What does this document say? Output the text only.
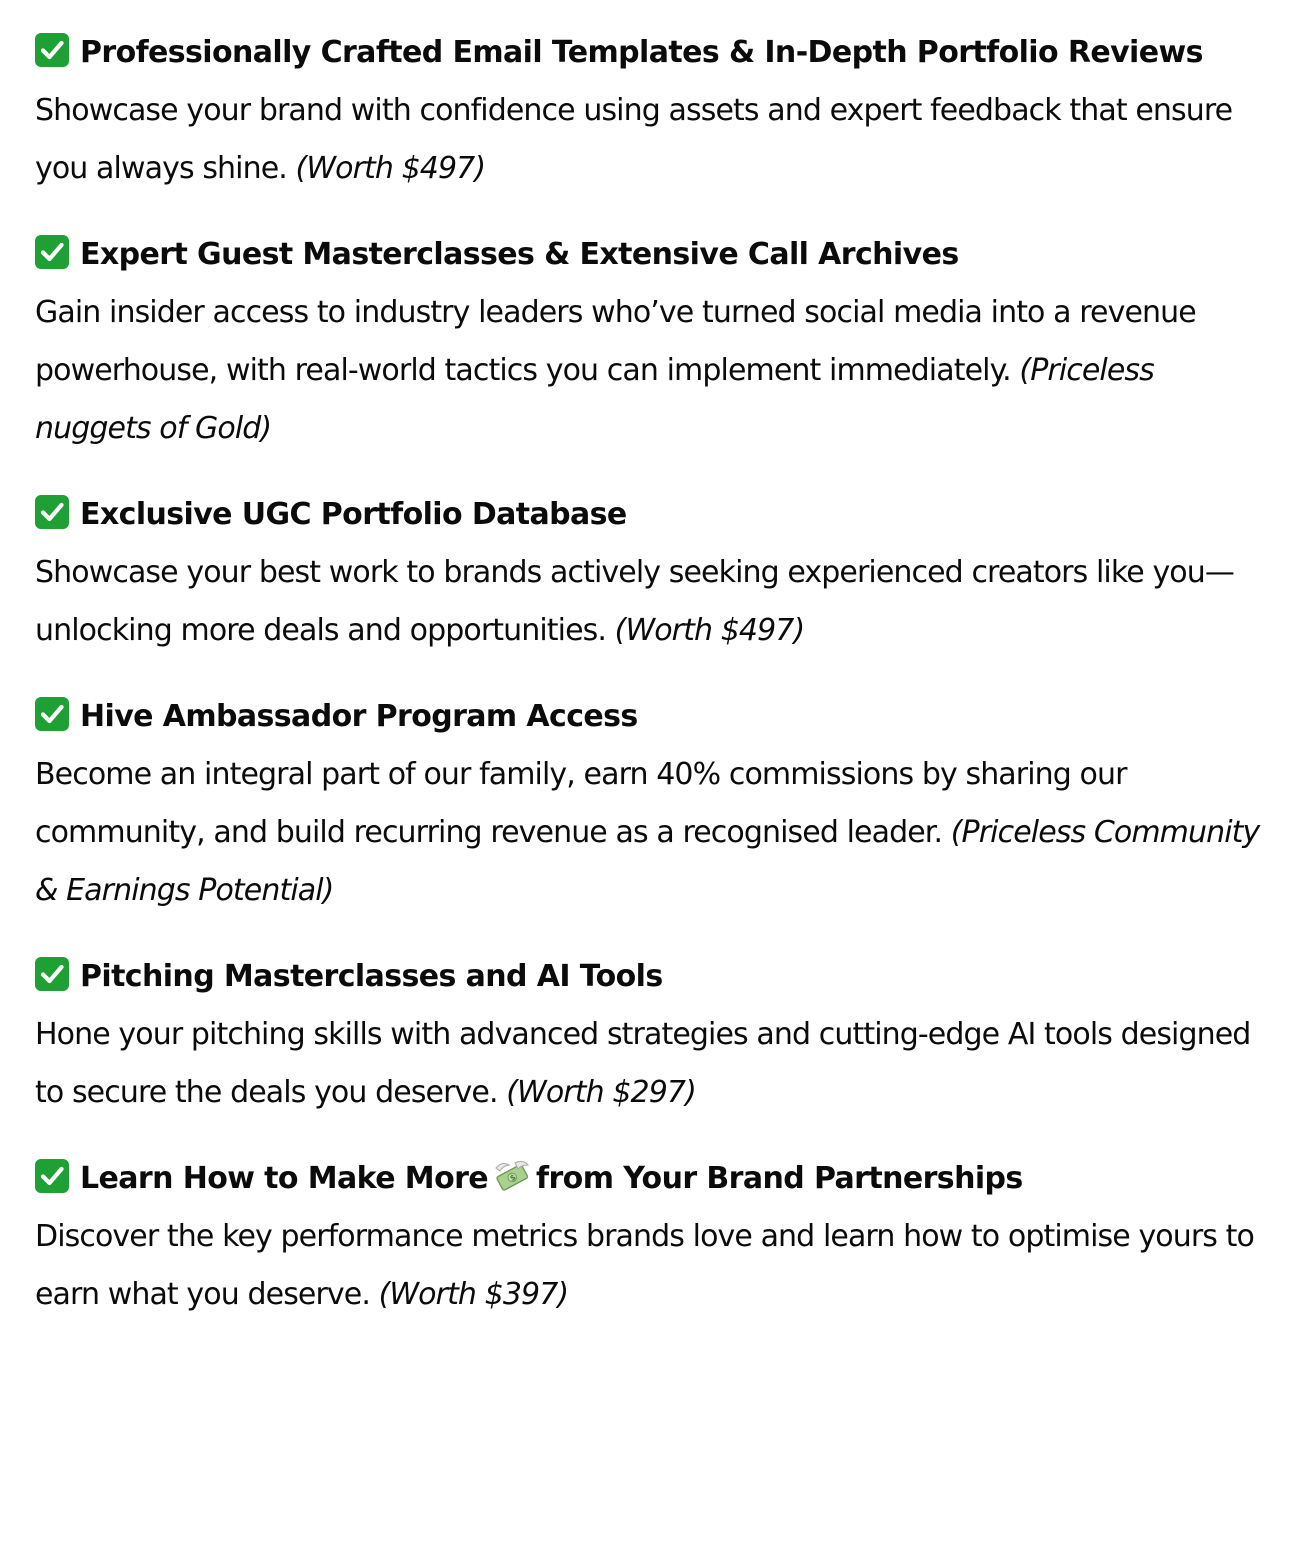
Professionally Crafted Email Templates & In-Depth Portfolio Reviews

Showcase your brand with confidence using assets and expert feedback that ensure you always shine. (Worth $497)

Expert Guest Masterclasses & Extensive Call Archives

Gain insider access to industry leaders who’ve turned social media into a revenue powerhouse, with real-world tactics you can implement immediately. (Priceless nuggets of Gold)

Exclusive UGC Portfolio Database

Showcase your best work to brands actively seeking experienced creators like you—unlocking more deals and opportunities. (Worth $497)

Hive Ambassador Program Access

Become an integral part of our family, earn 40% commissions by sharing our community, and build recurring revenue as a recognised leader. (Priceless Community & Earnings Potential)

Pitching Masterclasses and AI Tools

Hone your pitching skills with advanced strategies and cutting-edge AI tools designed to secure the deals you deserve. (Worth $297)

Learn How to Make More	$ from Your Brand Partnerships

Discover the key performance metrics brands love and learn how to optimise yours to earn what you deserve. (Worth $397)
